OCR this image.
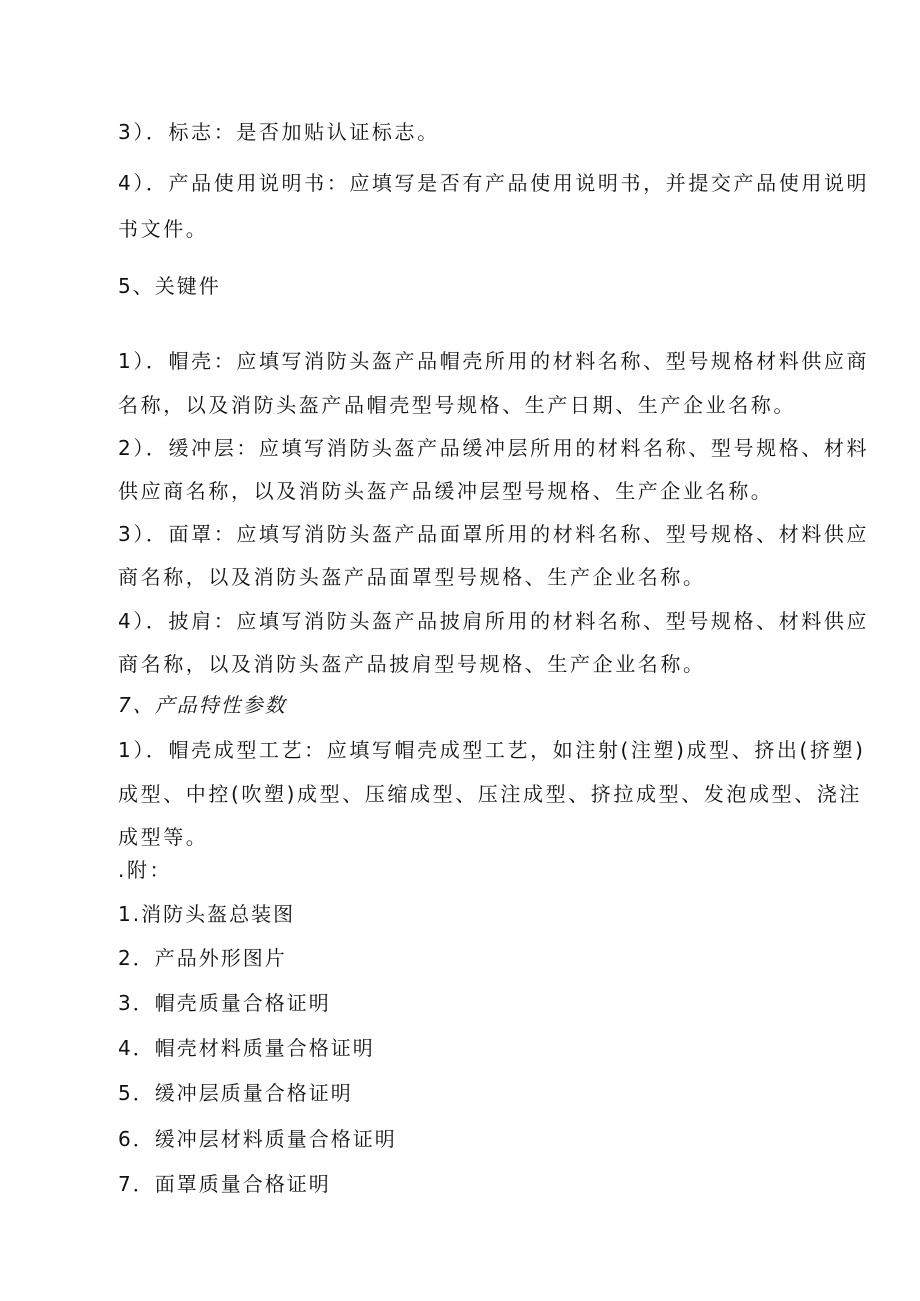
3）．标志：是否加贴认证标志。
4）．产品使用说明书：应填写是否有产品使用说明书，并提交产品使用说明
书文件。
5、关键件
1）．帽壳：应填写消防头盔产品帽壳所用的材料名称、型号规格材料供应商
名称，以及消防头盔产品帽壳型号规格、生产日期、生产企业名称。
2）．缓冲层：应填写消防头盔产品缓冲层所用的材料名称、型号规格、材料
供应商名称，以及消防头盔产品缓冲层型号规格、生产企业名称。
3）．面罩：应填写消防头盔产品面罩所用的材料名称、型号规格、材料供应
商名称，以及消防头盔产品面罩型号规格、生产企业名称。
4）．披肩：应填写消防头盔产品披肩所用的材料名称、型号规格、材料供应
商名称，以及消防头盔产品披肩型号规格、生产企业名称。
7、产品特性参数
1）．帽壳成型工艺：应填写帽壳成型工艺，如注射(注塑)成型、挤出(挤塑)
成型、中控(吹塑)成型、压缩成型、压注成型、挤拉成型、发泡成型、浇注
成型等。
.附：
1.消防头盔总装图
2．产品外形图片
3．帽壳质量合格证明
4．帽壳材料质量合格证明
5．缓冲层质量合格证明
6．缓冲层材料质量合格证明
7．面罩质量合格证明
